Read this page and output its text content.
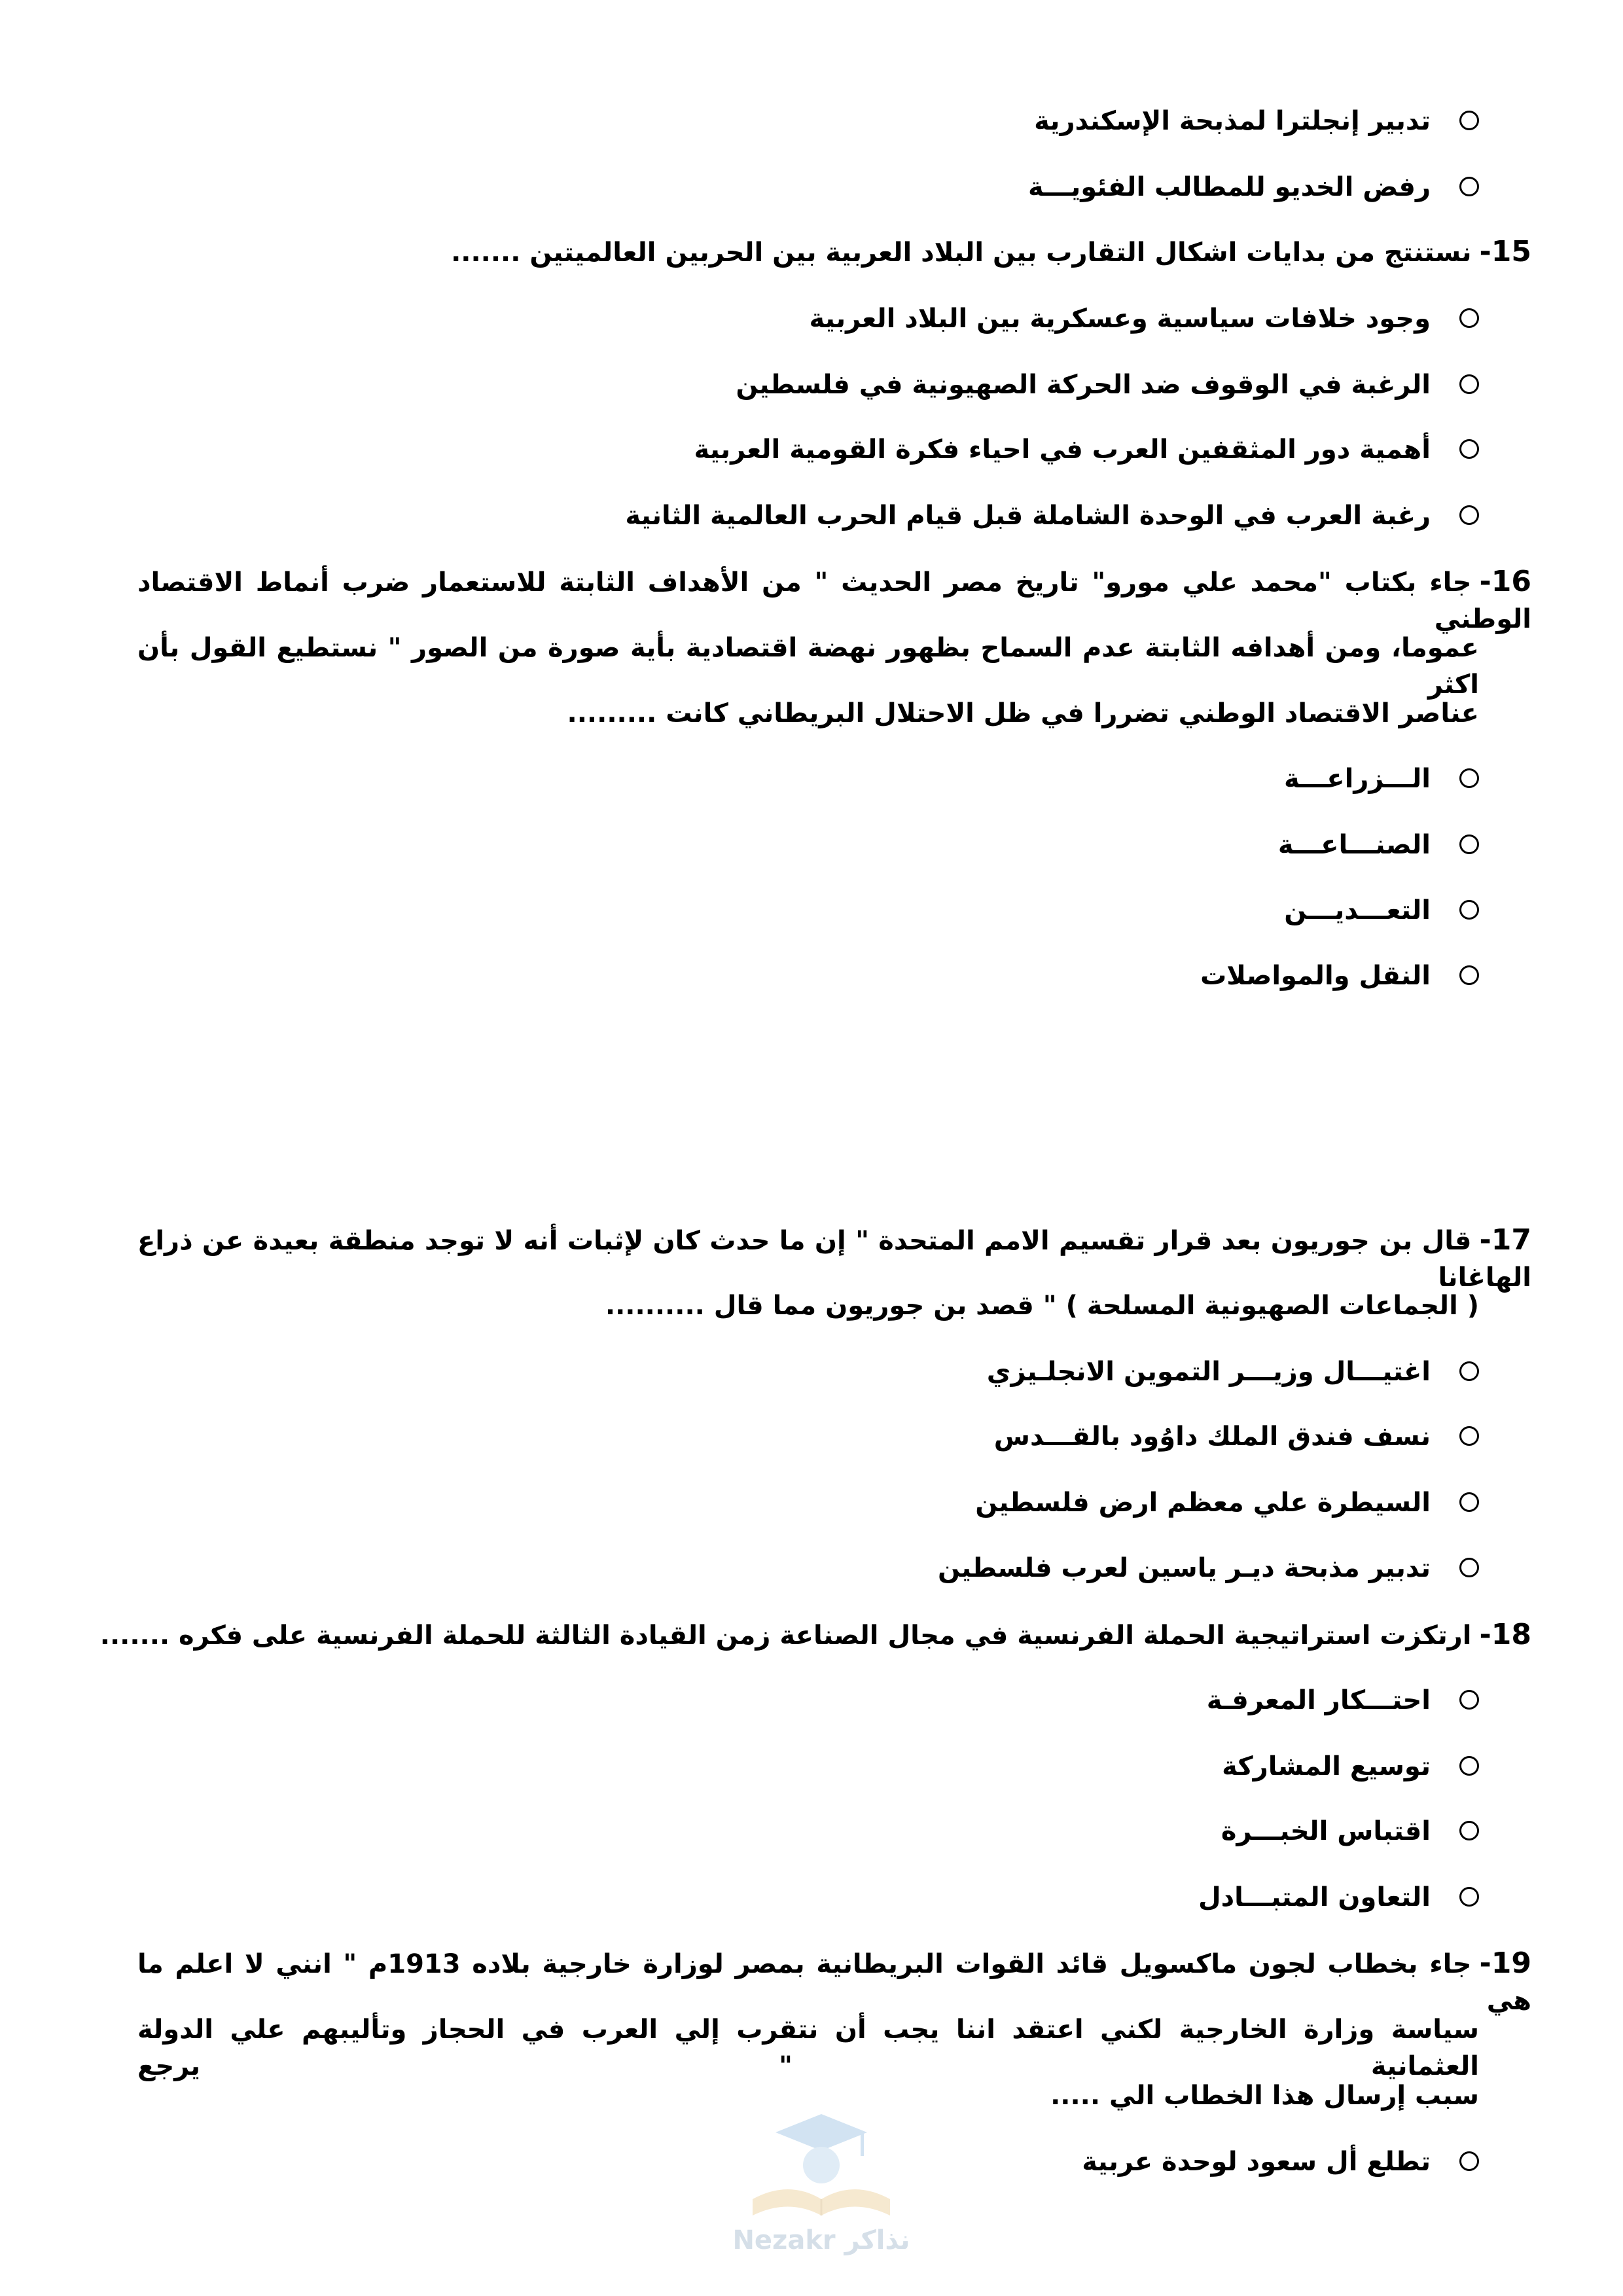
تدبير إنجلترا لمذبحة الإسكندرية
رفض الخديو للمطالب الفئويـــة
15-نستنتج من بدايات اشكال التقارب بين البلاد العربية بين الحربين العالميتين .......
وجود خلافات سياسية وعسكرية بين البلاد العربية
الرغبة في الوقوف ضد الحركة الصهيونية في فلسطين
أهمية دور المثقفين العرب في احياء فكرة القومية العربية
رغبة العرب في الوحدة الشاملة قبل قيام الحرب العالمية الثانية
16-جاء بكتاب "محمد علي مورو" تاريخ مصر الحديث " من الأهداف الثابتة للاستعمار ضرب أنماط الاقتصاد الوطني
عموما، ومن أهدافه الثابتة عدم السماح بظهور نهضة اقتصادية بأية صورة من الصور " نستطيع القول بأن اكثر
عناصر الاقتصاد الوطني تضررا في ظل الاحتلال البريطاني كانت .........
الـــزراعـــة
الصنـــاعـــة
التعـــديـــن
النقل والمواصلات
17-قال بن جوريون بعد قرار تقسيم الامم المتحدة " إن ما حدث كان لإثبات أنه لا توجد منطقة بعيدة عن ذراع الهاغانا
( الجماعات الصهيونية المسلحة ) " قصد بن جوريون مما قال ..........
اغتيـــال وزيـــر التموين الانجلـيزي
نسف فندق الملك داوُود بالقـــدس
السيطرة علي معظم ارض فلسطين
تدبير مذبحة ديـر ياسين لعرب فلسطين
18-ارتكزت استراتيجية الحملة الفرنسية في مجال الصناعة زمن القيادة الثالثة للحملة الفرنسية على فكره .......
احتـــكار المعرفـة
توسيع المشاركة
اقتباس الخبـــرة
التعاون المتبـــادل
19-جاء بخطاب لجون ماكسويل قائد القوات البريطانية بمصر لوزارة خارجية بلاده 1913م " انني لا اعلم ما هي
سياسة وزارة الخارجية لكني اعتقد اننا يجب أن نتقرب إلي العرب في الحجاز وتأليبهم علي الدولة العثمانية " يرجع
سبب إرسال هذا الخطاب الي .....
تطلع أل سعود لوحدة عربية
Nezakr نذاكر
